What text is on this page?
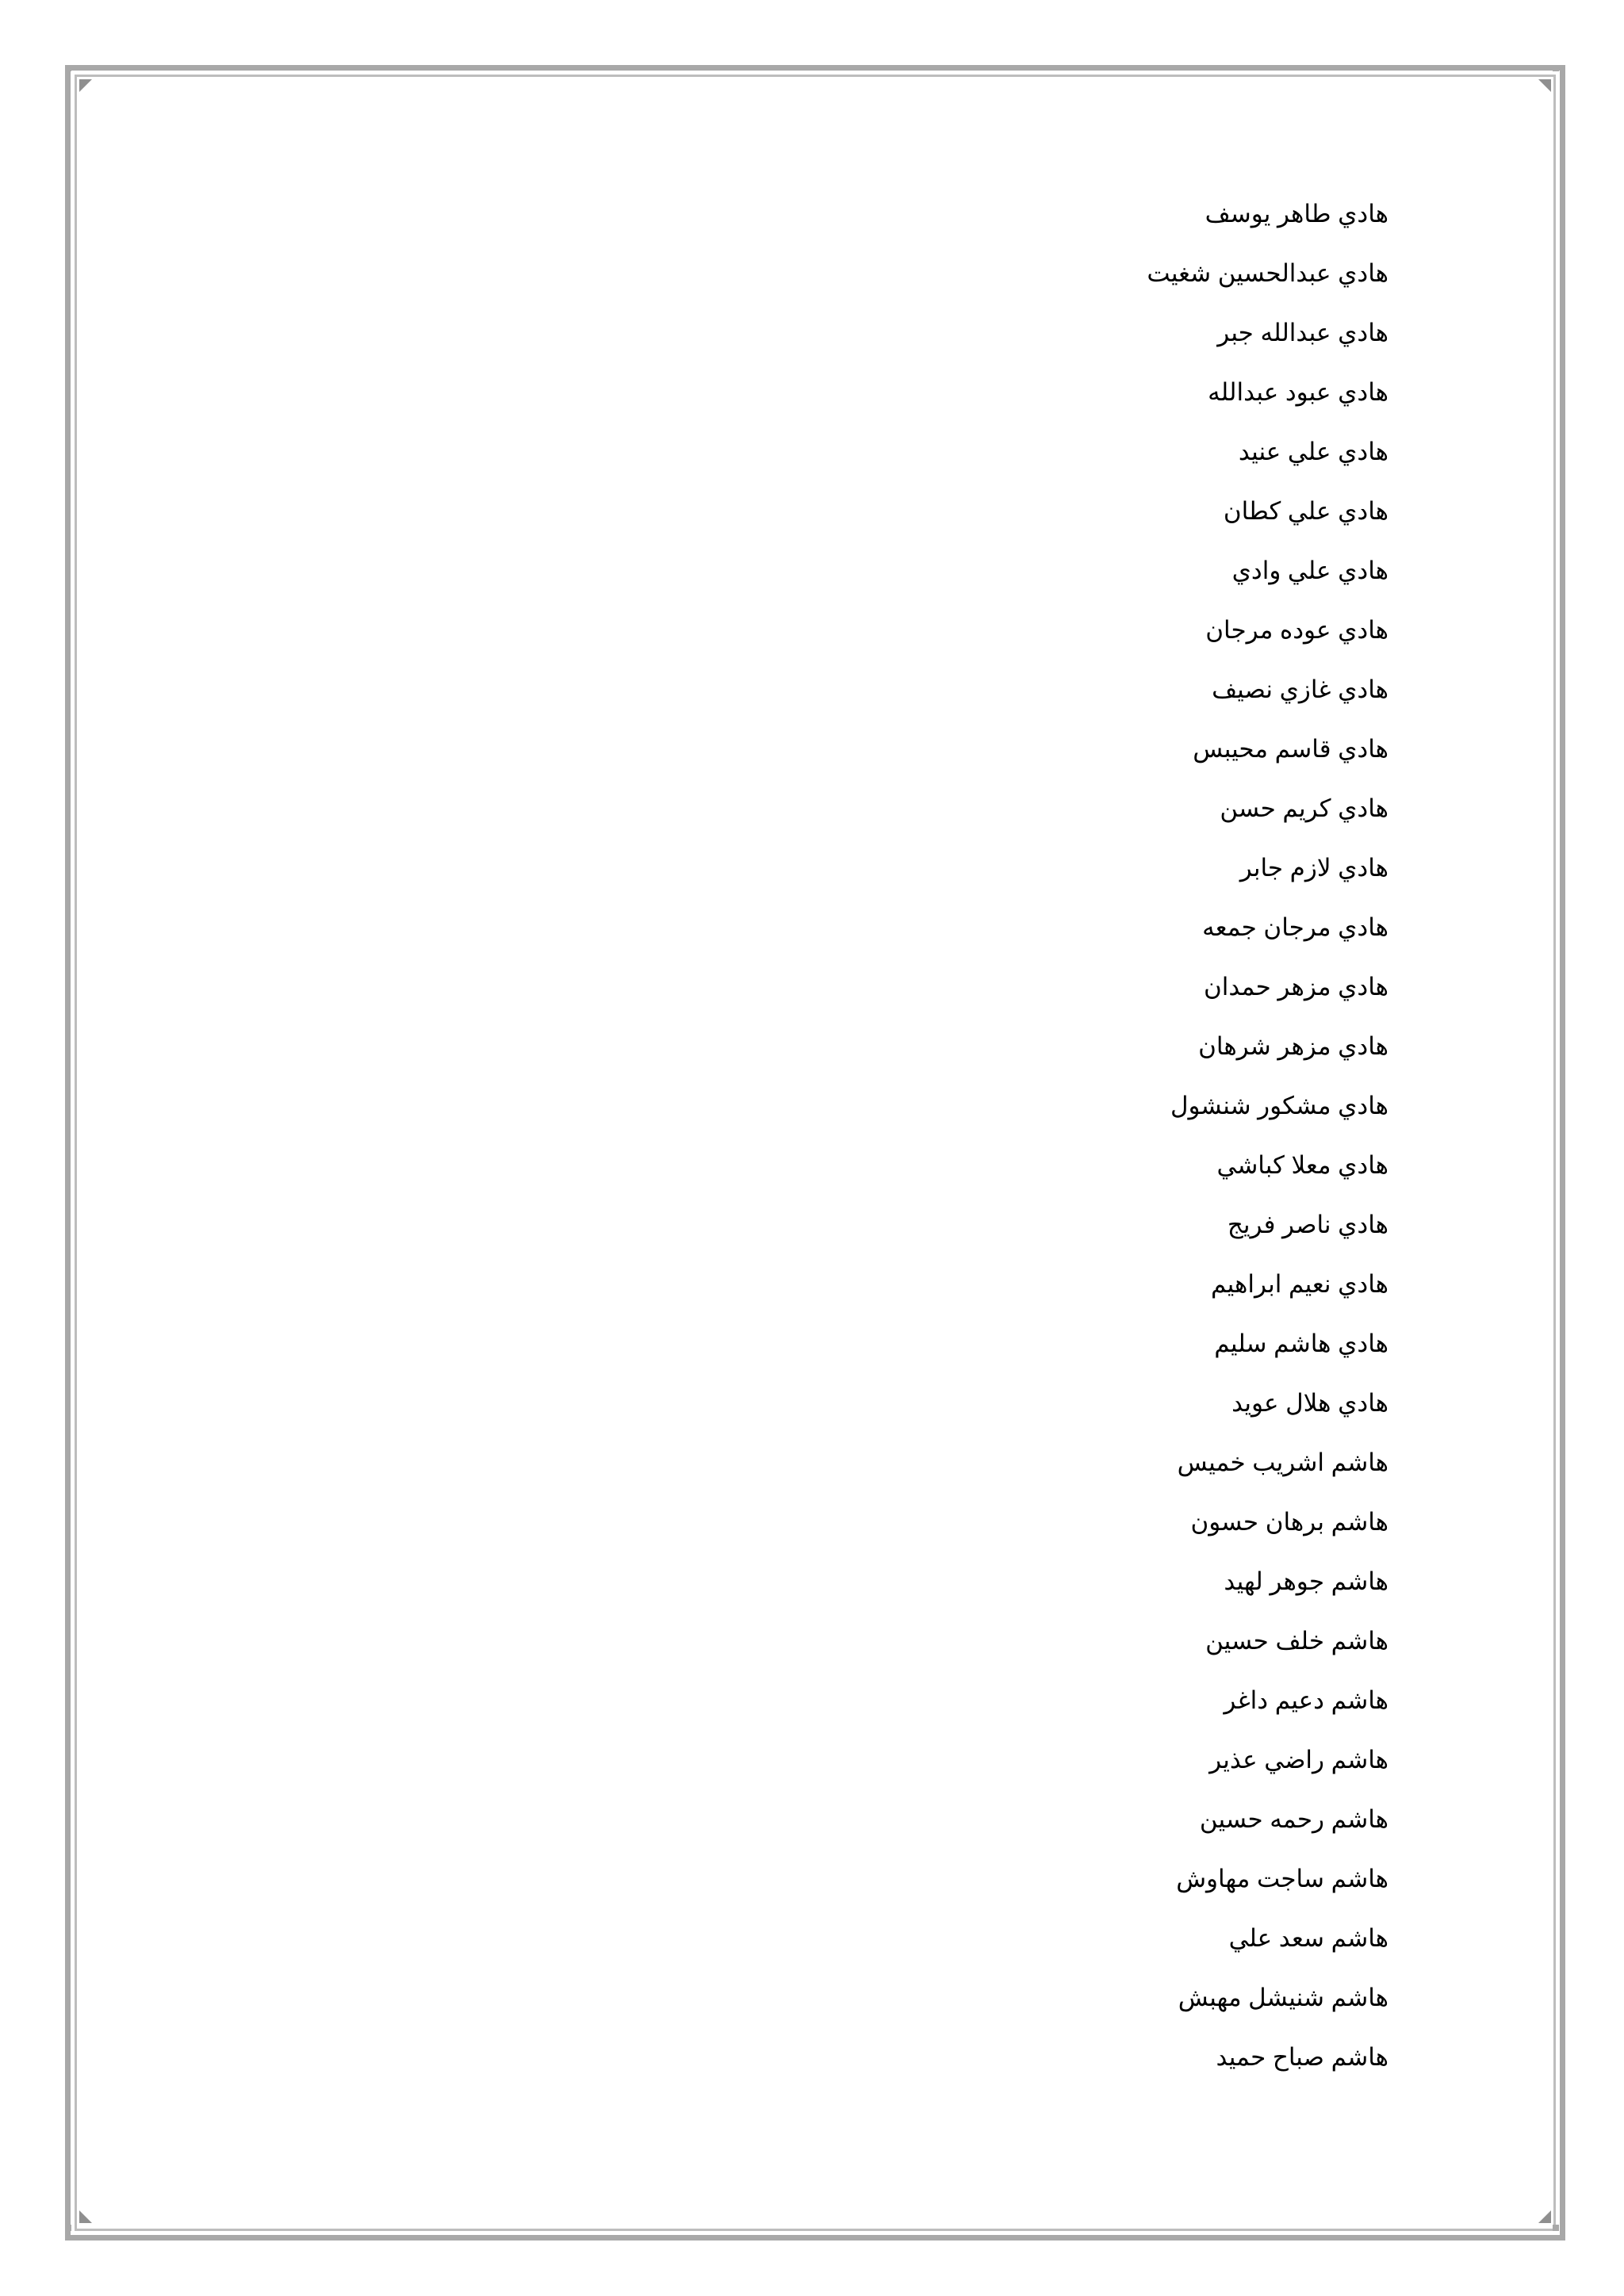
هادي طاهر يوسف
هادي عبدالحسين شغيت
هادي عبدالله جبر
هادي عبود عبدالله
هادي علي عنيد
هادي علي كطان
هادي علي وادي
هادي عوده مرجان
هادي غازي نصيف
هادي قاسم محيبس
هادي كريم حسن
هادي لازم جابر
هادي مرجان جمعه
هادي مزهر حمدان
هادي مزهر شرهان
هادي مشكور شنشول
هادي معلا كباشي
هادي ناصر فريج
هادي نعيم ابراهيم
هادي هاشم سليم
هادي هلال عويد
هاشم اشريب خميس
هاشم برهان حسون
هاشم جوهر لهيد
هاشم خلف حسين
هاشم دعيم داغر
هاشم راضي عذير
هاشم رحمه حسين
هاشم ساجت مهاوش
هاشم سعد علي
هاشم شنيشل مهبش
هاشم صباح حميد
